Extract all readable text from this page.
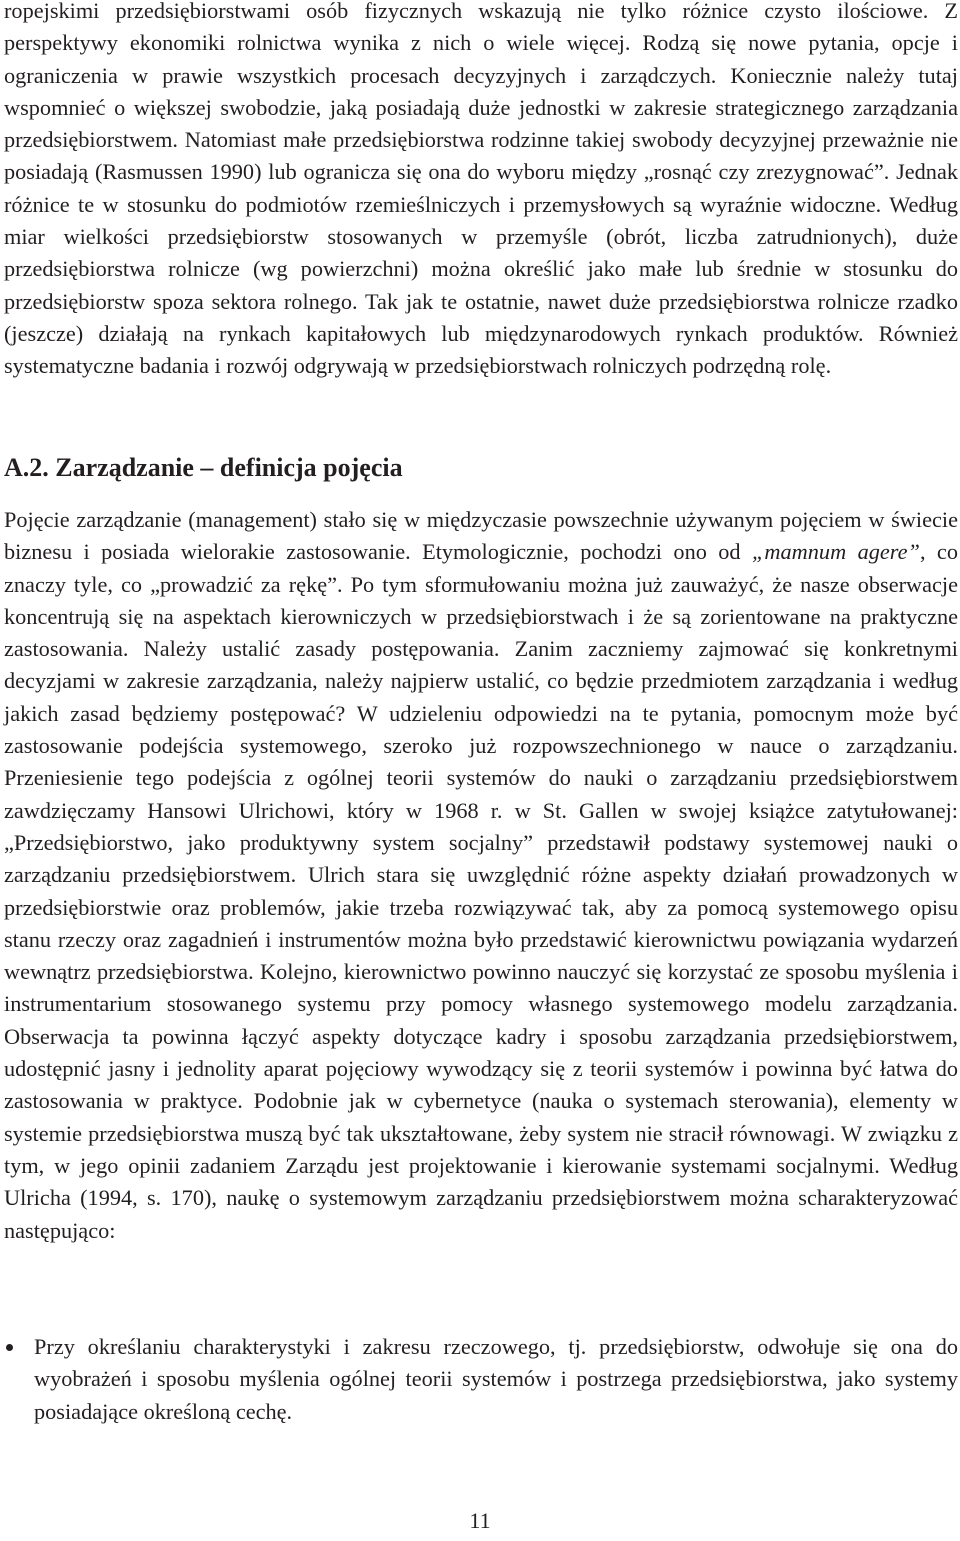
ropejskimi przedsiębiorstwami osób fizycznych wskazują nie tylko różnice czysto ilościowe. Z perspektywy ekonomiki rolnictwa wynika z nich o wiele więcej. Rodzą się nowe pytania, opcje i ograniczenia w prawie wszystkich procesach decyzyjnych i zarządczych. Koniecznie należy tutaj wspomnieć o większej swobodzie, jaką posiadają duże jednostki w zakresie strategicznego zarządzania przedsiębiorstwem. Natomiast małe przedsiębiorstwa rodzinne takiej swobody decyzyjnej przeważnie nie posiadają (Rasmussen 1990) lub ogranicza się ona do wyboru między „rosnąć czy zrezygnować”. Jednak różnice te w stosunku do podmiotów rzemieślniczych i przemysłowych są wyraźnie widoczne. Według miar wielkości przedsiębiorstw stosowanych w przemyśle (obrót, liczba zatrudnionych), duże przedsiębiorstwa rolnicze (wg powierzchni) można określić jako małe lub średnie w stosunku do przedsiębiorstw spoza sektora rolnego. Tak jak te ostatnie, nawet duże przedsiębiorstwa rolnicze rzadko (jeszcze) działają na rynkach kapitałowych lub międzynarodowych rynkach produktów. Również systematyczne badania i rozwój odgrywają w przedsiębiorstwach rolniczych podrzędną rolę.

A.2. Zarządzanie – definicja pojęcia

Pojęcie zarządzanie (management) stało się w międzyczasie powszechnie używanym pojęciem w świecie biznesu i posiada wielorakie zastosowanie. Etymologicznie, pochodzi ono od „mamnum agere”, co znaczy tyle, co „prowadzić za rękę”. Po tym sformułowaniu można już zauważyć, że nasze obserwacje koncentrują się na aspektach kierowniczych w przedsiębiorstwach i że są zorientowane na praktyczne zastosowania. Należy ustalić zasady postępowania. Zanim zaczniemy zajmować się konkretnymi decyzjami w zakresie zarządzania, należy najpierw ustalić, co będzie przedmiotem zarządzania i według jakich zasad będziemy postępować? W udzieleniu odpowiedzi na te pytania, pomocnym może być zastosowanie podejścia systemowego, szeroko już rozpowszechnionego w nauce o zarządzaniu. Przeniesienie tego podejścia z ogólnej teorii systemów do nauki o zarządzaniu przedsiębiorstwem zawdzięczamy Hansowi Ulrichowi, który w 1968 r. w St. Gallen w swojej książce zatytułowanej: „Przedsiębiorstwo, jako produktywny system socjalny” przedstawił podstawy systemowej nauki o zarządzaniu przedsiębiorstwem. Ulrich stara się uwzględnić różne aspekty działań prowadzonych w przedsiębiorstwie oraz problemów, jakie trzeba rozwiązywać tak, aby za pomocą systemowego opisu stanu rzeczy oraz zagadnień i instrumentów można było przedstawić kierownictwu powiązania wydarzeń wewnątrz przedsiębiorstwa. Kolejno, kierownictwo powinno nauczyć się korzystać ze sposobu myślenia i instrumentarium stosowanego systemu przy pomocy własnego systemowego modelu zarządzania. Obserwacja ta powinna łączyć aspekty dotyczące kadry i sposobu zarządzania przedsiębiorstwem, udostępnić jasny i jednolity aparat pojęciowy wywodzący się z teorii systemów i powinna być łatwa do zastosowania w praktyce. Podobnie jak w cybernetyce (nauka o systemach sterowania), elementy w systemie przedsiębiorstwa muszą być tak ukształtowane, żeby system nie stracił równowagi. W związku z tym, w jego opinii zadaniem Zarządu jest projektowanie i kierowanie systemami socjalnymi. Według Ulricha (1994, s. 170), naukę o systemowym zarządzaniu przedsiębiorstwem można scharakteryzować następująco:

Przy określaniu charakterystyki i zakresu rzeczowego, tj. przedsiębiorstw, odwołuje się ona do wyobrażeń i sposobu myślenia ogólnej teorii systemów i postrzega przedsiębiorstwa, jako systemy posiadające określoną cechę.
11
